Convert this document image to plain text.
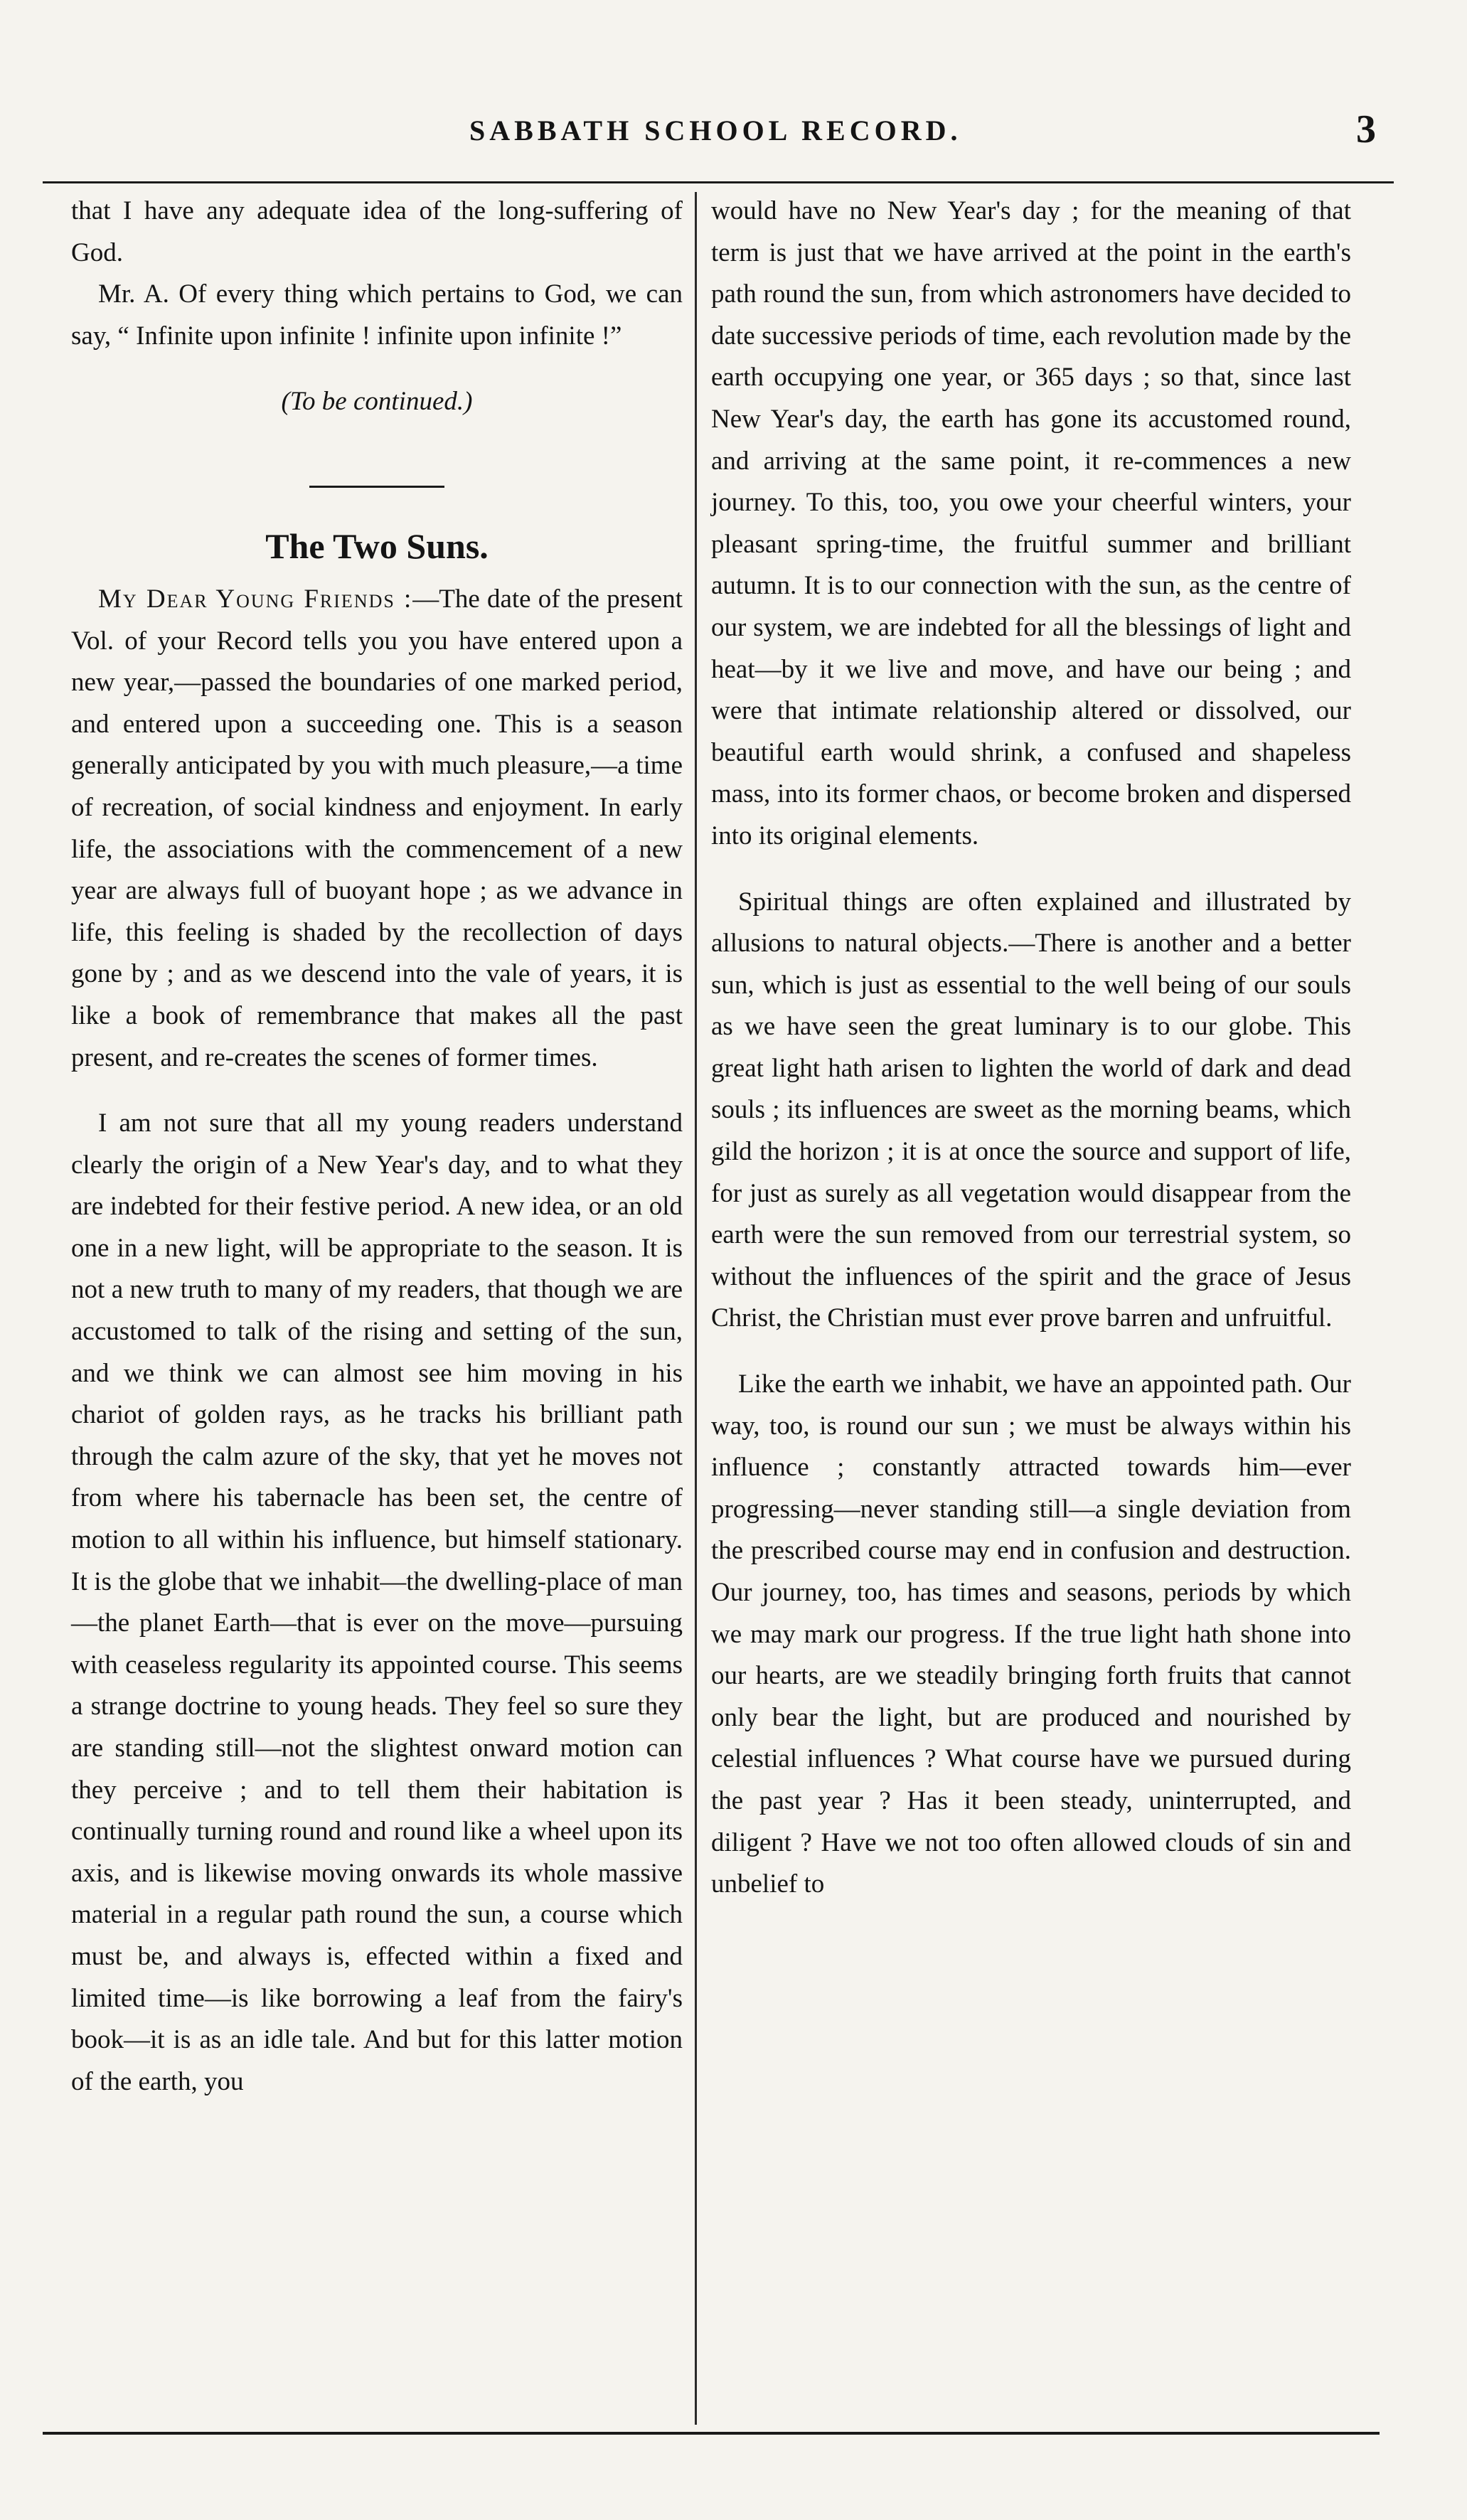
SABBATH SCHOOL RECORD.	3

that I have any adequate idea of the long-suffering of God.

Mr. A. Of every thing which pertains to God, we can say, “ Infinite upon infinite ! infinite upon infinite !”

(To be continued.)

The Two Suns.

My Dear Young Friends :—The date of the present Vol. of your Record tells you you have entered upon a new year,—passed the boundaries of one marked period, and entered upon a succeeding one. This is a season generally anticipated by you with much pleasure,—a time of recreation, of social kindness and enjoyment. In early life, the associations with the commencement of a new year are always full of buoyant hope ; as we advance in life, this feeling is shaded by the recollection of days gone by ; and as we descend into the vale of years, it is like a book of remembrance that makes all the past present, and re-creates the scenes of former times.

I am not sure that all my young readers understand clearly the origin of a New Year's day, and to what they are indebted for their festive period. A new idea, or an old one in a new light, will be appropriate to the season. It is not a new truth to many of my readers, that though we are accustomed to talk of the rising and setting of the sun, and we think we can almost see him moving in his chariot of golden rays, as he tracks his brilliant path through the calm azure of the sky, that yet he moves not from where his tabernacle has been set, the centre of motion to all within his influence, but himself stationary. It is the globe that we inhabit—the dwelling-place of man—the planet Earth—that is ever on the move—pursuing with ceaseless regularity its appointed course. This seems a strange doctrine to young heads. They feel so sure they are standing still—not the slightest onward motion can they perceive ; and to tell them their habitation is continually turning round and round like a wheel upon its axis, and is likewise moving onwards its whole massive material in a regular path round the sun, a course which must be, and always is, effected within a fixed and limited time—is like borrowing a leaf from the fairy's book—it is as an idle tale. And but for this latter motion of the earth, you

would have no New Year's day ; for the meaning of that term is just that we have arrived at the point in the earth's path round the sun, from which astronomers have decided to date successive periods of time, each revolution made by the earth occupying one year, or 365 days ; so that, since last New Year's day, the earth has gone its accustomed round, and arriving at the same point, it re-commences a new journey. To this, too, you owe your cheerful winters, your pleasant spring-time, the fruitful summer and brilliant autumn. It is to our connection with the sun, as the centre of our system, we are indebted for all the blessings of light and heat—by it we live and move, and have our being ; and were that intimate relationship altered or dissolved, our beautiful earth would shrink, a confused and shapeless mass, into its former chaos, or become broken and dispersed into its original elements.

Spiritual things are often explained and illustrated by allusions to natural objects.—There is another and a better sun, which is just as essential to the well being of our souls as we have seen the great luminary is to our globe. This great light hath arisen to lighten the world of dark and dead souls ; its influences are sweet as the morning beams, which gild the horizon ; it is at once the source and support of life, for just as surely as all vegetation would disappear from the earth were the sun removed from our terrestrial system, so without the influences of the spirit and the grace of Jesus Christ, the Christian must ever prove barren and unfruitful.

Like the earth we inhabit, we have an appointed path. Our way, too, is round our sun ; we must be always within his influence ; constantly attracted towards him—ever progressing—never standing still—a single deviation from the prescribed course may end in confusion and destruction. Our journey, too, has times and seasons, periods by which we may mark our progress. If the true light hath shone into our hearts, are we steadily bringing forth fruits that cannot only bear the light, but are produced and nourished by celestial influences ? What course have we pursued during the past year ? Has it been steady, uninterrupted, and diligent ? Have we not too often allowed clouds of sin and unbelief to
